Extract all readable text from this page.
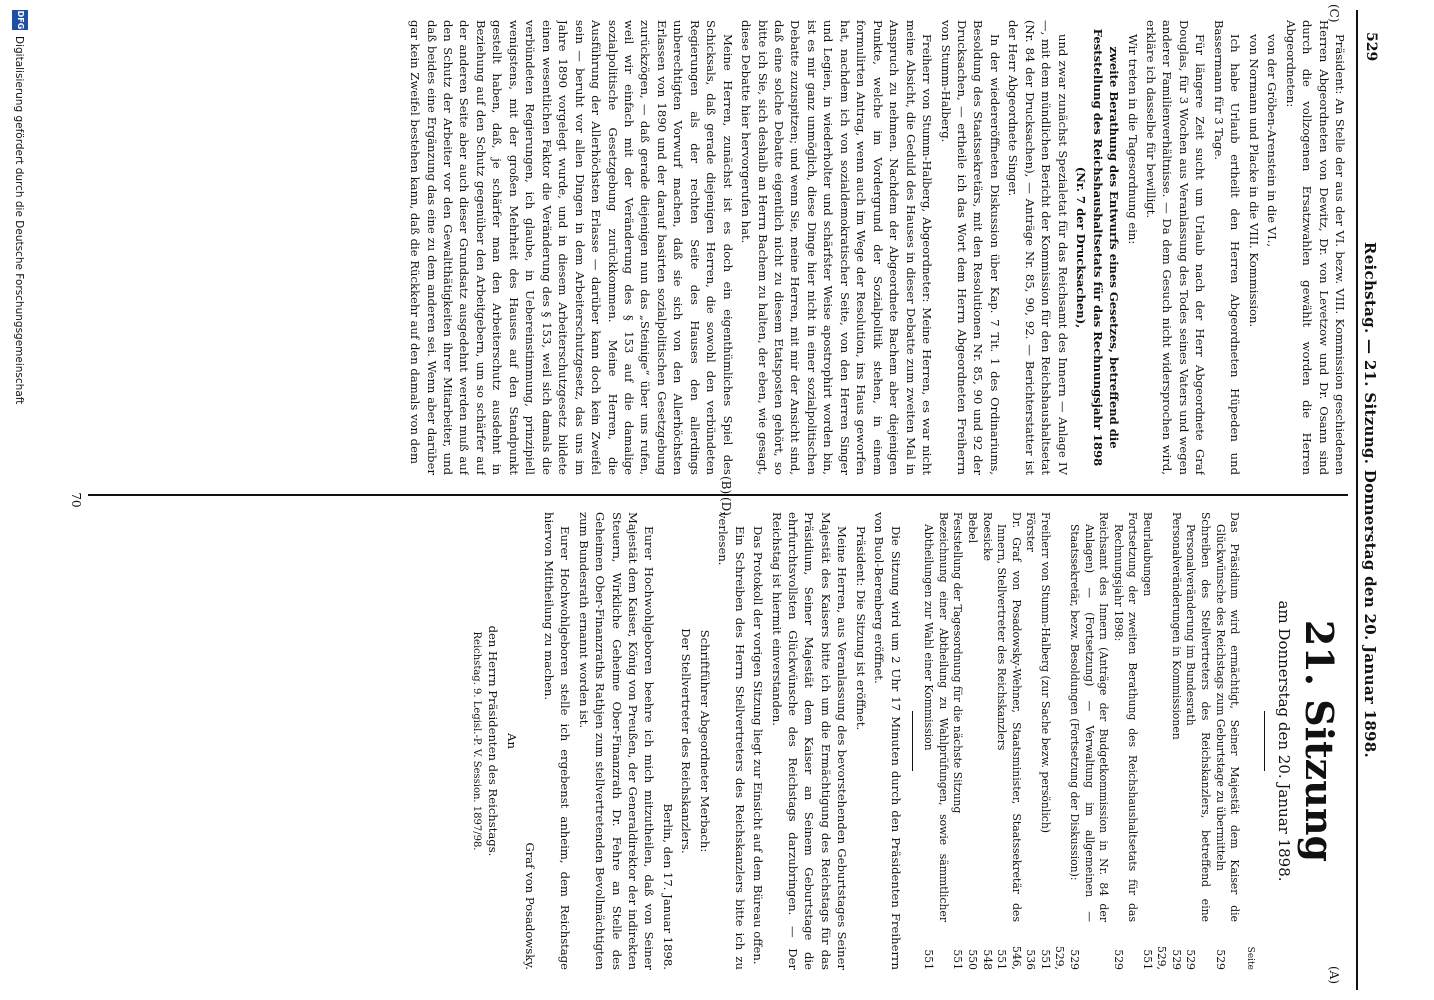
529
Reichstag. — 21. Sitzung. Donnerstag den 20. Januar 1898.
(A)
(B)
(C)
(D)
21. Sitzung
am Donnerstag den 20. Januar 1898.
Seite
Das Präsidium wird ermächtigt, Seiner Majestät dem Kaiser die Glückwünsche des Reichstags zum Geburtstage zu übermitteln
529
Schreiben des Stellvertreters des Reichskanzlers, betreffend eine Personalveränderung im Bundesrath
529
Personalveränderungen in Kommissionen
529
Beurlaubungen
529, 551
Fortsetzung der zweiten Berathung des Reichshaushaltsetats für das Rechnungsjahr 1898:
529
Reichsamt des Innern (Anträge der Budgetkommission in Nr. 84 der Anlagen) — (Fortsetzung) — Verwaltung im allgemeinen — Staatssekretär, bezw. Besoldungen (Fortsetzung der Diskussion):
529
Freiherr von Stumm-Halberg (zur Sache bezw. persönlich)
529, 551
Förster
536
Dr. Graf von Posadowsky-Wehner, Staatsminister, Staatssekretär des Innern, Stellvertreter des Reichskanzlers
546, 551
Roesicke
548
Bebel
550
Feststellung der Tagesordnung für die nächste Sitzung
551
Bezeichnung einer Abtheilung zu Wahlprüfungen, sowie sämmtlicher Abtheilungen zur Wahl einer Kommission
551

Die Sitzung wird um 2 Uhr 17 Minuten durch den Präsidenten Freiherrn von Buol-Berenberg eröffnet.

Präsident: Die Sitzung ist eröffnet.

Meine Herren, aus Veranlassung des bevorstehenden Geburtstages Seiner Majestät des Kaisers bitte ich um die Ermächtigung des Reichstags für das Präsidium, Seiner Majestät dem Kaiser an Seinem Geburtstage die ehrfurchtsvollsten Glückwünsche des Reichstags darzubringen. — Der Reichstag ist hiermit einverstanden.

Das Protokoll der vorigen Sitzung liegt zur Einsicht auf dem Büreau offen.

Ein Schreiben des Herrn Stellvertreters des Reichskanzlers bitte ich zu verlesen.

Schriftführer Abgeordneter Merbach:

Der Stellvertreter des Reichskanzlers.

Berlin, den 17. Januar 1898.

Eurer Hochwohlgeboren beehre ich mich mitzutheilen, daß von Seiner Majestät dem Kaiser, König von Preußen, der Generaldirektor der indirekten Steuern, Wirkliche Geheime Ober-Finanzrath Dr. Fehre an Stelle des Geheimen Ober-Finanzraths Rathjen zum stellvertretenden Bevollmächtigten zum Bundesrath ernannt worden ist.

Eurer Hochwohlgeboren stelle ich ergebenst anheim, dem Reichstage hiervon Mittheilung zu machen.

Graf von Posadowsky.

An

den Herrn Präsidenten des Reichstags.

Reichstag. 9. Legisl.-P. V. Session. 1897/98.

Präsident: An Stelle der aus der VI. bezw. VIII. Kommission geschiedenen Herren Abgeordneten von Dewitz, Dr. von Levetzow und Dr. Osann sind durch die vollzogenen Ersatzwahlen gewählt worden die Herren Abgeordneten:

von der Gröben-Arenstein in die VI.,

von Normann und Placke in die VIII. Kommission.

Ich habe Urlaub ertheilt den Herren Abgeordneten Hüpeden und Bassermann für 3 Tage.

Für längere Zeit sucht um Urlaub nach der Herr Abgeordnete Graf Douglas, für 3 Wochen aus Veranlassung des Todes seines Vaters und wegen anderer Familienverhältnisse. — Da dem Gesuch nicht widersprochen wird, erkläre ich dasselbe für bewilligt.

Wir treten in die Tagesordnung ein:

zweite Berathung des Entwurfs eines Gesetzes, betreffend die Feststellung des Reichshaushaltsetats für das Rechnungsjahr 1898 (Nr. 7 der Drucksachen),

und zwar zunächst Spezialetat für das Reichsamt des Innern — Anlage IV —, mit dem mündlichen Bericht der Kommission für den Reichshaushaltsetat (Nr. 84 der Drucksachen), — Anträge Nr. 85, 90, 92. — Berichterstatter ist der Herr Abgeordnete Singer.

In der wiedereröffneten Diskussion über Kap. 7 Tit. 1 des Ordinariums, Besoldung des Staatssekretärs, mit den Resolutionen Nr. 85, 90 und 92 der Drucksachen, — ertheile ich das Wort dem Herrn Abgeordneten Freiherrn von Stumm-Halberg.

Freiherr von Stumm-Halberg, Abgeordneter: Meine Herren, es war nicht meine Absicht, die Geduld des Hauses in dieser Debatte zum zweiten Mal in Anspruch zu nehmen. Nachdem der Abgeordnete Bachem aber diejenigen Punkte, welche im Vordergrund der Sozialpolitik stehen, in einem formulirten Antrag, wenn auch im Wege der Resolution, ins Haus geworfen hat, nachdem ich von sozialdemokratischer Seite, von den Herren Singer und Legien, in wiederholter und schärfster Weise apostrophirt worden bin, ist es mir ganz unmöglich, diese Dinge hier nicht in einer sozialpolitischen Debatte zuzuspitzen; und wenn Sie, meine Herren, mit mir der Ansicht sind, daß eine solche Debatte eigentlich nicht zu diesem Etatsposten gehört, so bitte ich Sie, sich deshalb an Herrn Bachem zu halten, der eben, wie gesagt, diese Debatte hier hervorgerufen hat.

Meine Herren, zunächst ist es doch ein eigenthümliches Spiel des Schicksals, daß gerade diejenigen Herren, die sowohl den verbündeten Regierungen als der rechten Seite des Hauses den allerdings unberechtigten Vorwurf machen, daß sie sich von den Allerhöchsten Erlassen von 1890 und der darauf basirten sozialpolitischen Gesetzgebung zurückzögen, — daß gerade diejenigen nun das „Steinige“ über uns rufen, weil wir einfach mit der Veränderung des § 153 auf die damalige sozialpolitische Gesetzgebung zurückkommen. Meine Herren, die Ausführung der Allerhöchsten Erlasse — darüber kann doch kein Zweifel sein — beruht vor allen Dingen in dem Arbeiterschutzgesetz, das uns im Jahre 1890 vorgelegt wurde, und in diesem Arbeiterschutzgesetz bildete einen wesentlichen Faktor die Veränderung des § 153, weil sich damals die verbündeten Regierungen, ich glaube, in Uebereinstimmung, prinzipiell wenigstens, mit der großen Mehrheit des Hauses auf den Standpunkt gestellt haben, daß, je schärfer man den Arbeiterschutz ausdehnt in Beziehung auf den Schutz gegenüber den Arbeitgebern, um so schärfer auf der anderen Seite aber auch dieser Grundsatz ausgedehnt werden muß auf den Schutz der Arbeiter vor den Gewaltthätigkeiten ihrer Mitarbeiter, und daß beides eine Ergänzung das eine zu dem anderen sei. Wenn aber darüber gar kein Zweifel bestehen kann, daß die Rückkehr auf den damals von dem

70
Digitalisierung gefördert durch die Deutsche Forschungsgemeinschaft
DFG
